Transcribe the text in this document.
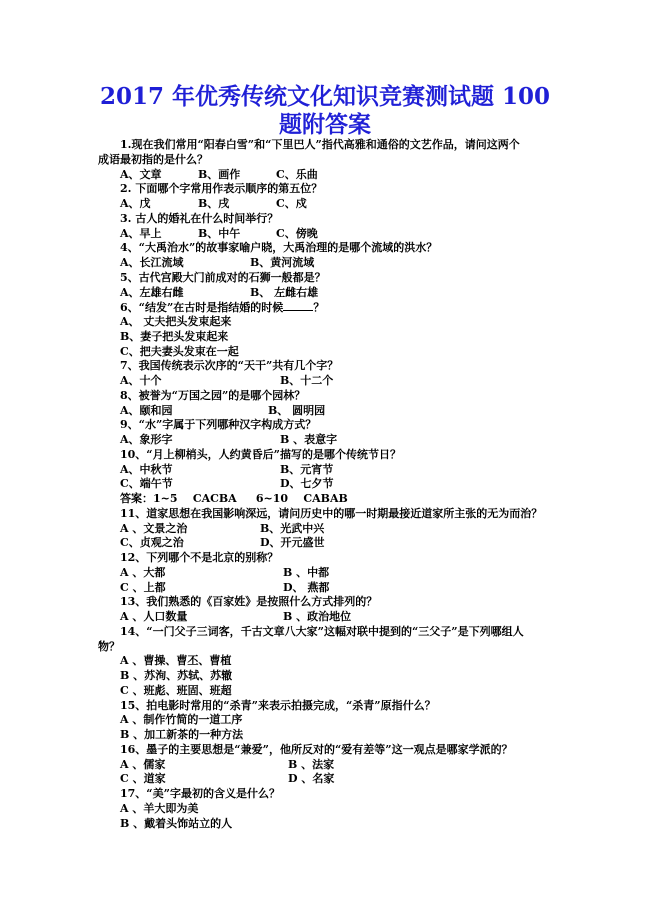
2017 年优秀传统文化知识竞赛测试题 100
题附答案
1.现在我们常用“阳春白雪”和“下里巴人”指代高雅和通俗的文艺作品，请问这两个
成语最初指的是什么？
A、文章	B、画作	C、乐曲
2. 下面哪个字常用作表示顺序的第五位？
A、戊	B、戌	C、戍
3. 古人的婚礼在什么时间举行？
A、早上	B、中午	C、傍晚
4、“大禹治水”的故事家喻户晓，大禹治理的是哪个流域的洪水？
A、长江流域	B、黄河流域
5、古代宫殿大门前成对的石狮一般都是？
A、左雄右雌	B、 左雌右雄
6、“结发”在古时是指结婚的时候	？
A、 丈夫把头发束起来
B、妻子把头发束起来
C、把夫妻头发束在一起
7、我国传统表示次序的“天干”共有几个字？
A、十个	B、十二个
8、被誉为“万国之园”的是哪个园林？
A、颐和园	B、 圆明园
9、“水”字属于下列哪种汉字构成方式？
A、象形字	B 、表意字
10、“月上柳梢头，人约黄昏后”描写的是哪个传统节日？
A、中秋节	B、元宵节
C、端午节	D、七夕节
答案：1~5    CACBA     6~10    CABAB
11、道家思想在我国影响深远，请问历史中的哪一时期最接近道家所主张的无为而治？
A 、文景之治	B、光武中兴
C、贞观之治	D、开元盛世
12、下列哪个不是北京的别称？
A 、大都	B 、中都
C 、上都	D、 燕都
13、我们熟悉的《百家姓》是按照什么方式排列的？
A 、人口数量	B 、政治地位
14、“一门父子三词客，千古文章八大家”这幅对联中提到的“三父子”是下列哪组人
物？
A 、曹操、曹丕、曹植
B 、苏洵、苏轼、苏辙
C 、班彪、班固、班超
15、拍电影时常用的“杀青”来表示拍摄完成，“杀青”原指什么？
A 、制作竹简的一道工序
B 、加工新茶的一种方法
16、墨子的主要思想是“兼爱”，他所反对的“爱有差等”这一观点是哪家学派的？
A 、儒家	B 、法家
C 、道家	D 、名家
17、“美”字最初的含义是什么？
A 、羊大即为美
B 、戴着头饰站立的人
